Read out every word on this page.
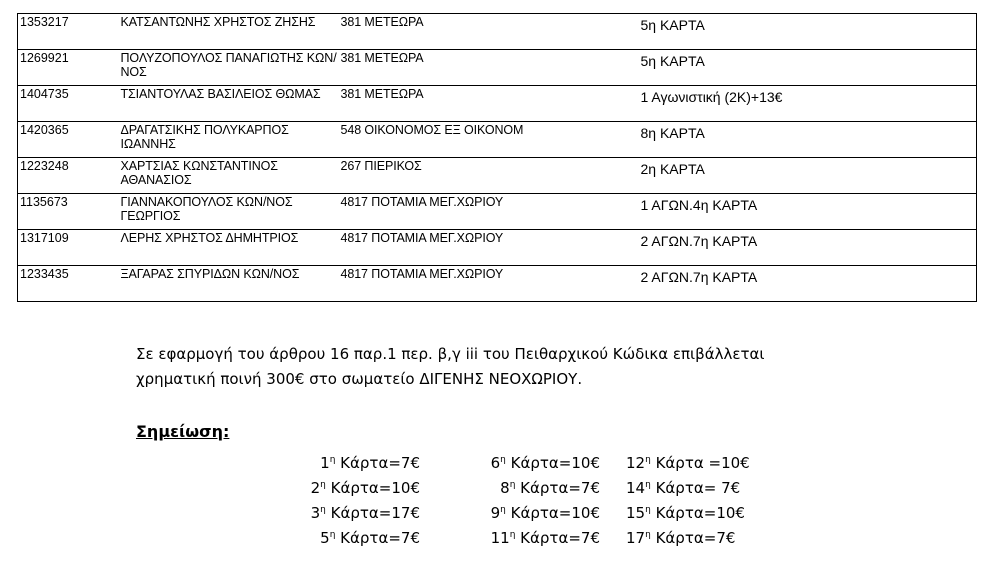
1353217	ΚΑΤΣΑΝΤΩΝΗΣ ΧΡΗΣΤΟΣ ΖΗΣΗΣ	381 ΜΕΤΕΩΡΑ	5η ΚΑΡΤΑ
1269921	ΠΟΛΥΖΟΠΟΥΛΟΣ ΠΑΝΑΓΙΩΤΗΣ ΚΩΝ/ΝΟΣ	381 ΜΕΤΕΩΡΑ	5η ΚΑΡΤΑ
1404735	ΤΣΙΑΝΤΟΥΛΑΣ ΒΑΣΙΛΕΙΟΣ ΘΩΜΑΣ	381 ΜΕΤΕΩΡΑ	1 Αγωνιστική (2Κ)+13€
1420365	ΔΡΑΓΑΤΣΙΚΗΣ ΠΟΛΥΚΑΡΠΟΣ ΙΩΑΝΝΗΣ	548 ΟΙΚΟΝΟΜΟΣ ΕΞ ΟΙΚΟΝΟΜ	8η ΚΑΡΤΑ
1223248	ΧΑΡΤΣΙΑΣ ΚΩΝΣΤΑΝΤΙΝΟΣ ΑΘΑΝΑΣΙΟΣ	267 ΠΙΕΡΙΚΟΣ	2η ΚΑΡΤΑ
1135673	ΓΙΑΝΝΑΚΟΠΟΥΛΟΣ ΚΩΝ/ΝΟΣ ΓΕΩΡΓΙΟΣ	4817 ΠΟΤΑΜΙΑ ΜΕΓ.ΧΩΡΙΟΥ	1 ΑΓΩΝ.4η ΚΑΡΤΑ
1317109	ΛΕΡΗΣ ΧΡΗΣΤΟΣ ΔΗΜΗΤΡΙΟΣ	4817 ΠΟΤΑΜΙΑ ΜΕΓ.ΧΩΡΙΟΥ	2 ΑΓΩΝ.7η ΚΑΡΤΑ
1233435	ΞΑΓΑΡΑΣ ΣΠΥΡΙΔΩΝ ΚΩΝ/ΝΟΣ	4817 ΠΟΤΑΜΙΑ ΜΕΓ.ΧΩΡΙΟΥ	2 ΑΓΩΝ.7η ΚΑΡΤΑ
Σε εφαρμογή του άρθρου 16 παρ.1 περ. β,γ iii του Πειθαρχικού Κώδικα επιβάλλεται
χρηματική ποινή 300€ στο σωματείο ΔΙΓΕΝΗΣ ΝΕΟΧΩΡΙΟΥ.
Σημείωση:
$1^\eta$ Κάρτα=7€
$2^\eta$ Κάρτα=10€
$3^\eta$ Κάρτα=17€
$5^\eta$ Κάρτα=7€
$6^\eta$ Κάρτα=10€
$8^\eta$ Κάρτα=7€
$9^\eta$ Κάρτα=10€
$11^\eta$ Κάρτα=7€
$12^\eta$ Κάρτα =10€
$14^\eta$ Κάρτα= 7€
$15^\eta$ Κάρτα=10€
$17^\eta$ Κάρτα=7€
